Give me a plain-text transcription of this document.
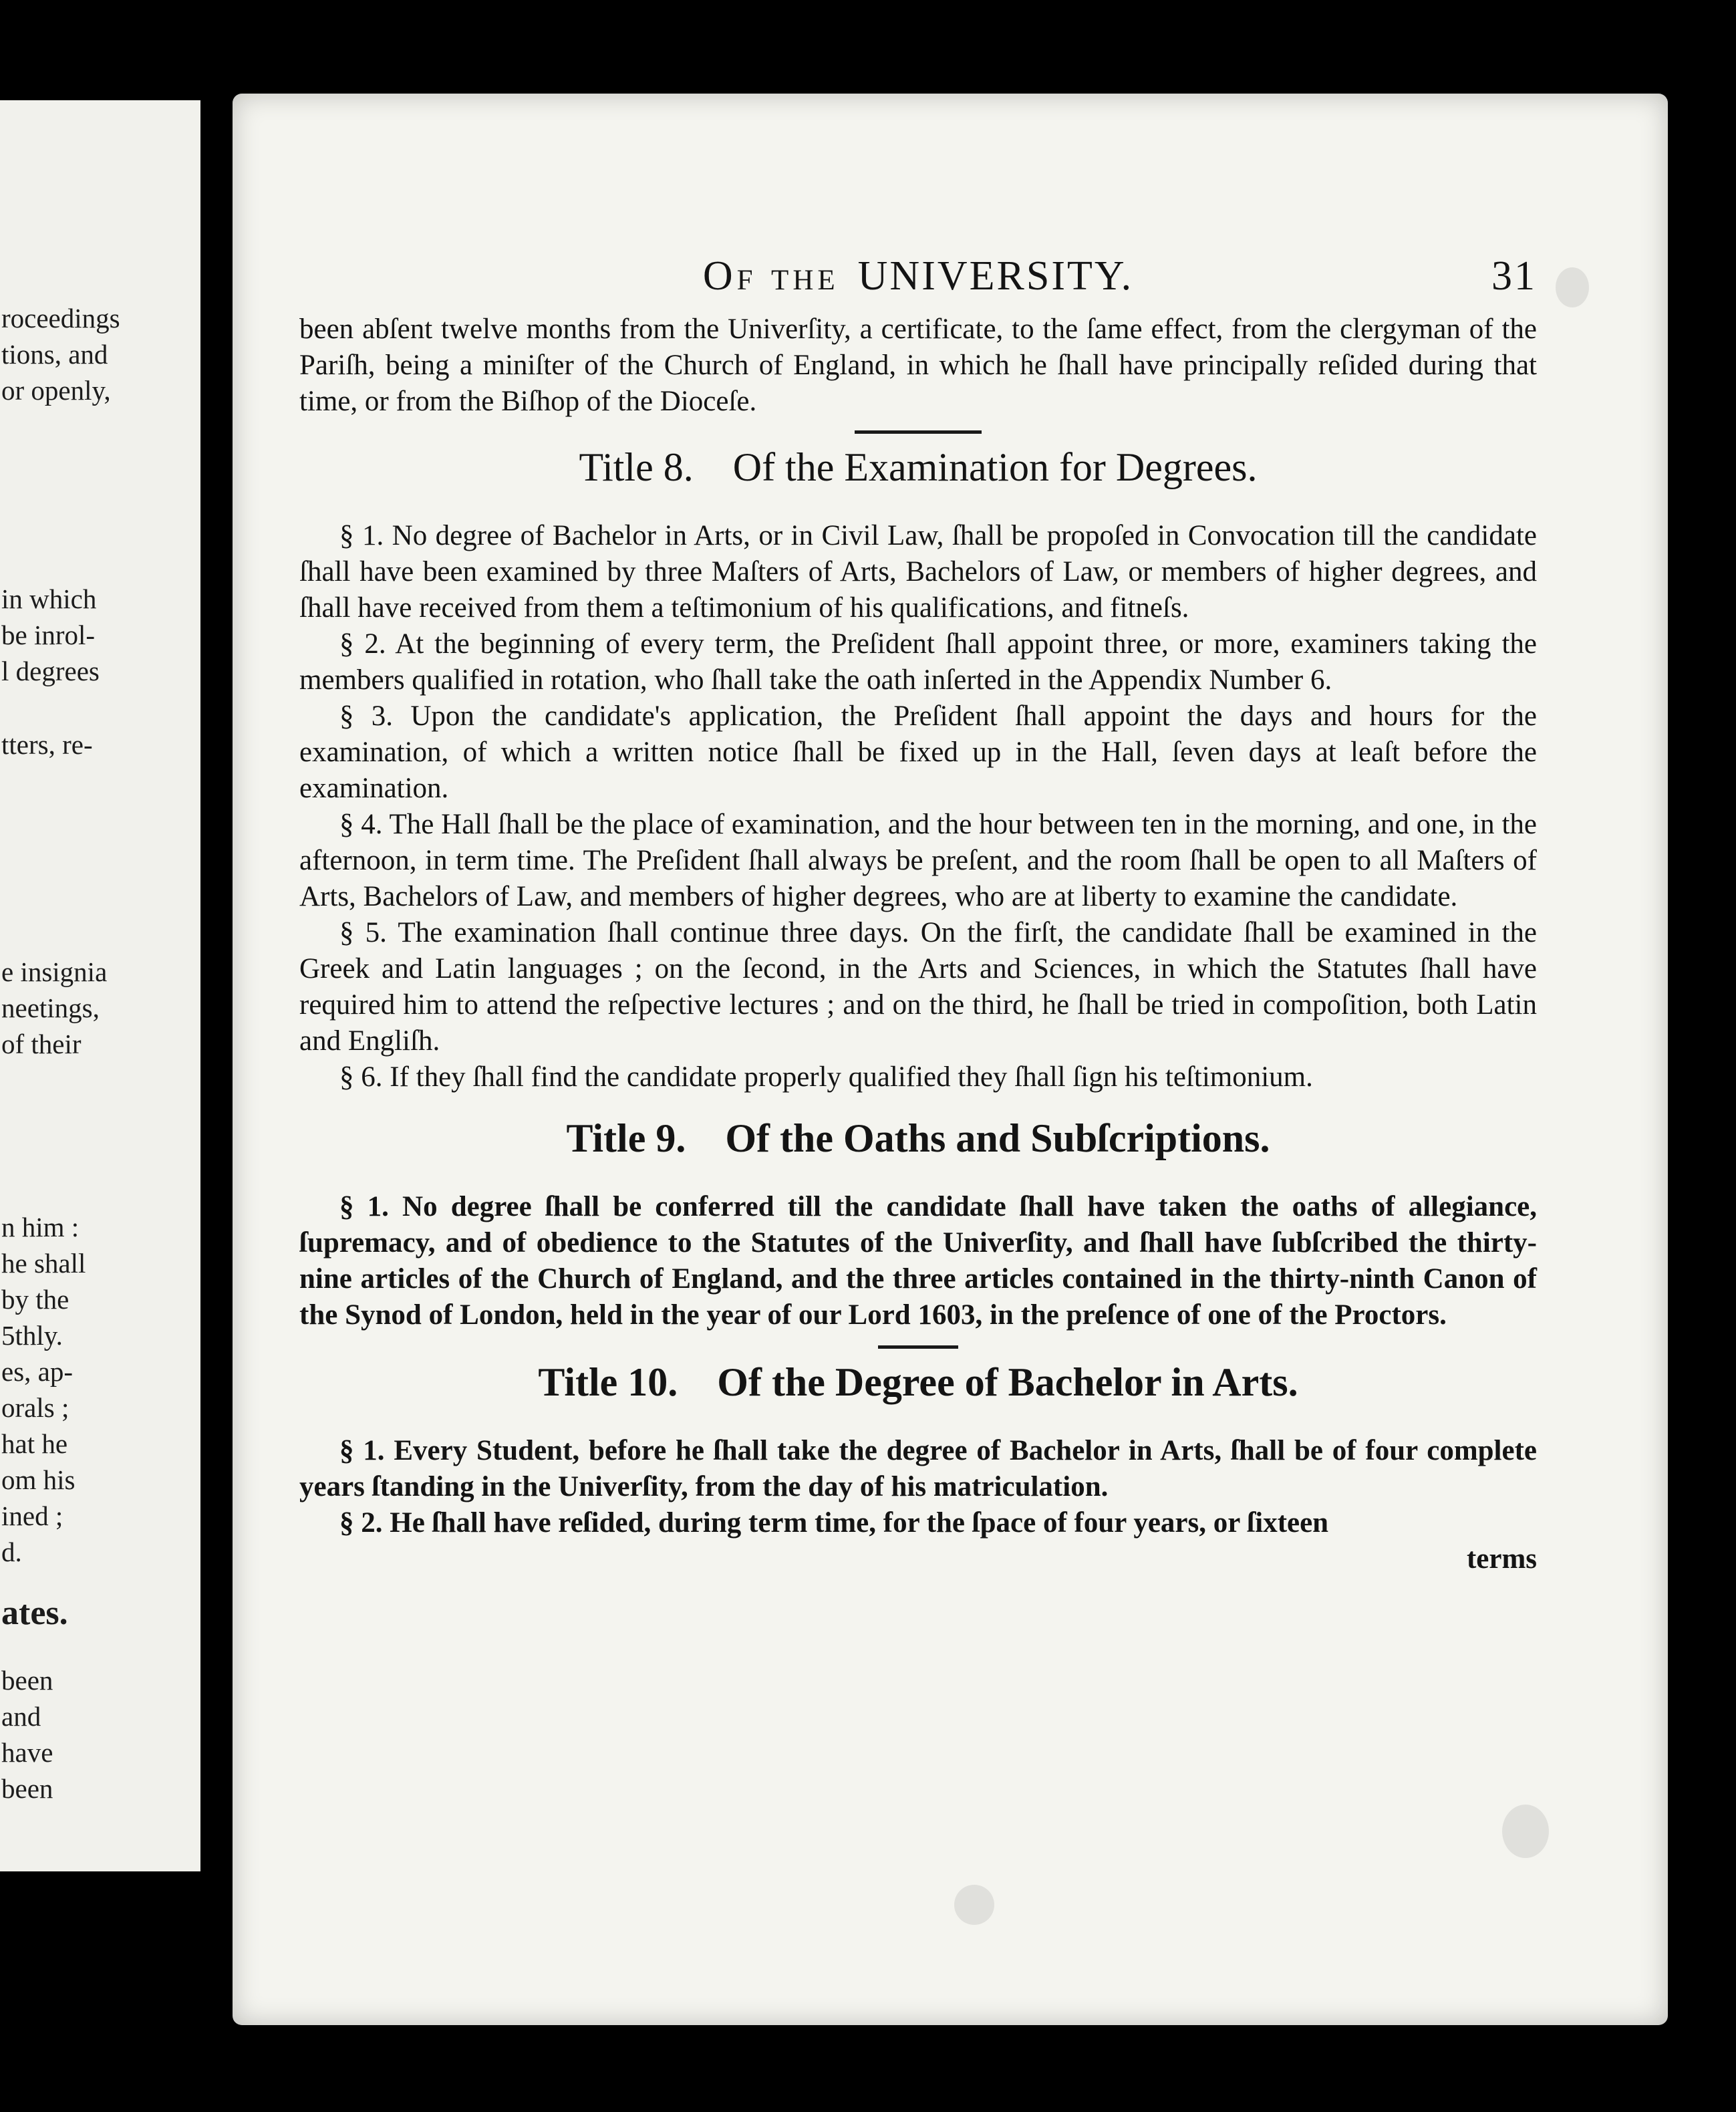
roceedings
tions, and
or openly,
in which
be inrol-
l degrees
tters, re-
e insignia
neetings,
of their
n him :
he shall
by the
5thly.
es, ap-
orals ;
hat he
om his
ined ;
d.
ates.
been
and
have
been
Of the UNIVERSITY.	31

been abſent twelve months from the Univerſity, a certificate, to the ſame effect, from the clergyman of the Pariſh, being a miniſter of the Church of England, in which he ſhall have principally reſided during that time, or from the Biſhop of the Dioceſe.

Title 8. Of the Examination for Degrees.

§ 1. No degree of Bachelor in Arts, or in Civil Law, ſhall be propoſed in Convocation till the candidate ſhall have been examined by three Maſters of Arts, Bachelors of Law, or members of higher degrees, and ſhall have received from them a teſtimonium of his qualifications, and fitneſs.

§ 2. At the beginning of every term, the Preſident ſhall appoint three, or more, examiners taking the members qualified in rotation, who ſhall take the oath inſerted in the Appendix Number 6.

§ 3. Upon the candidate's application, the Preſident ſhall appoint the days and hours for the examination, of which a written notice ſhall be fixed up in the Hall, ſeven days at leaſt before the examination.

§ 4. The Hall ſhall be the place of examination, and the hour between ten in the morning, and one, in the afternoon, in term time. The Preſident ſhall always be preſent, and the room ſhall be open to all Maſters of Arts, Bachelors of Law, and members of higher degrees, who are at liberty to examine the candidate.

§ 5. The examination ſhall continue three days. On the firſt, the candidate ſhall be examined in the Greek and Latin languages ; on the ſecond, in the Arts and Sciences, in which the Statutes ſhall have required him to attend the reſpective lectures ; and on the third, he ſhall be tried in compoſition, both Latin and Engliſh.

§ 6. If they ſhall find the candidate properly qualified they ſhall ſign his teſtimonium.

Title 9. Of the Oaths and Subſcriptions.

§ 1. No degree ſhall be conferred till the candidate ſhall have taken the oaths of allegiance, ſupremacy, and of obedience to the Statutes of the Univerſity, and ſhall have ſubſcribed the thirty-nine articles of the Church of England, and the three articles contained in the thirty-ninth Canon of the Synod of London, held in the year of our Lord 1603, in the preſence of one of the Proctors.

Title 10. Of the Degree of Bachelor in Arts.

§ 1. Every Student, before he ſhall take the degree of Bachelor in Arts, ſhall be of four complete years ſtanding in the Univerſity, from the day of his matriculation.

§ 2. He ſhall have reſided, during term time, for the ſpace of four years, or ſixteen

terms
